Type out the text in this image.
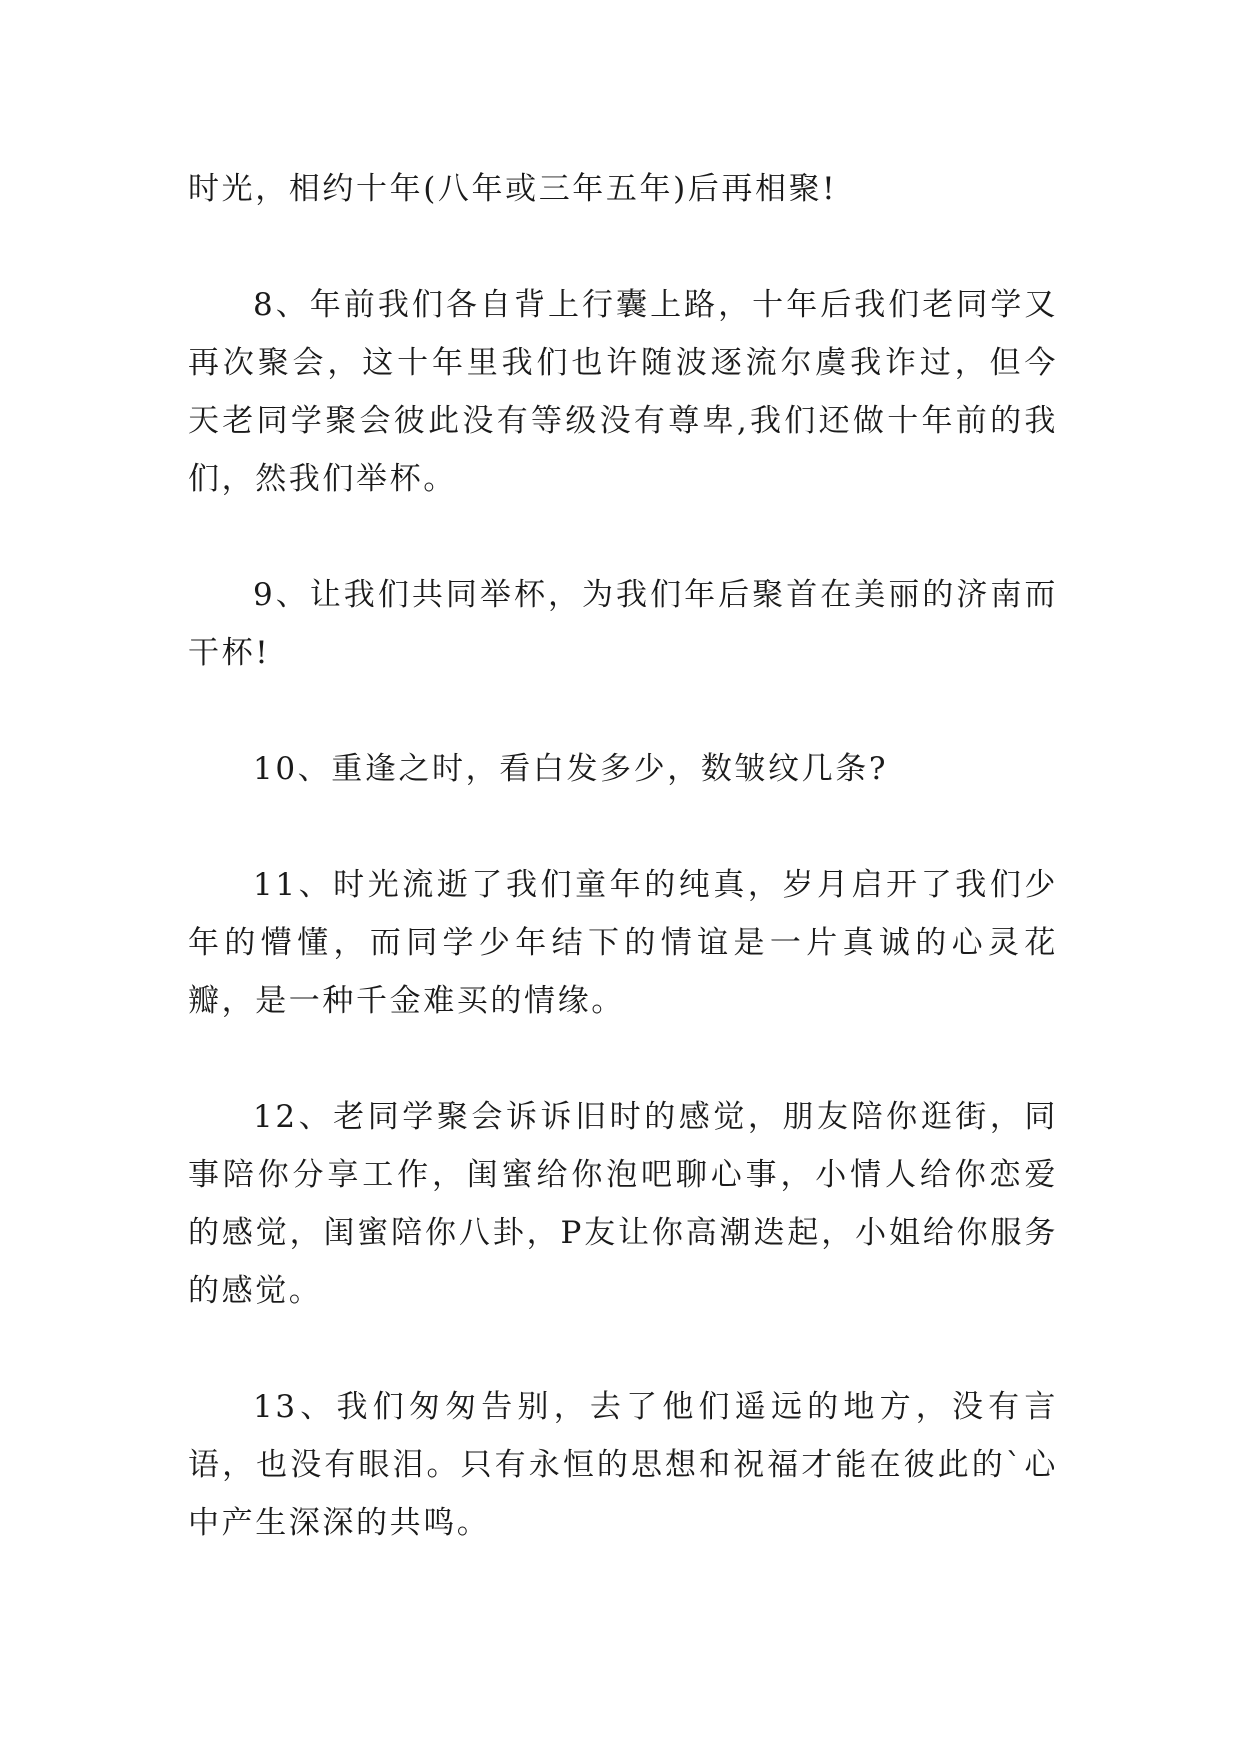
时光，相约十年(八年或三年五年)后再相聚!

8、年前我们各自背上行囊上路，十年后我们老同学又再次聚会，这十年里我们也许随波逐流尔虞我诈过，但今天老同学聚会彼此没有等级没有尊卑,我们还做十年前的我们，然我们举杯。

9、让我们共同举杯，为我们年后聚首在美丽的济南而干杯!

10、重逢之时，看白发多少，数皱纹几条?

11、时光流逝了我们童年的纯真，岁月启开了我们少年的懵懂，而同学少年结下的情谊是一片真诚的心灵花瓣，是一种千金难买的情缘。

12、老同学聚会诉诉旧时的感觉，朋友陪你逛街，同事陪你分享工作，闺蜜给你泡吧聊心事，小情人给你恋爱的感觉，闺蜜陪你八卦，P友让你高潮迭起，小姐给你服务的感觉。

13、我们匆匆告别，去了他们遥远的地方，没有言语，也没有眼泪。只有永恒的思想和祝福才能在彼此的`心中产生深深的共鸣。
